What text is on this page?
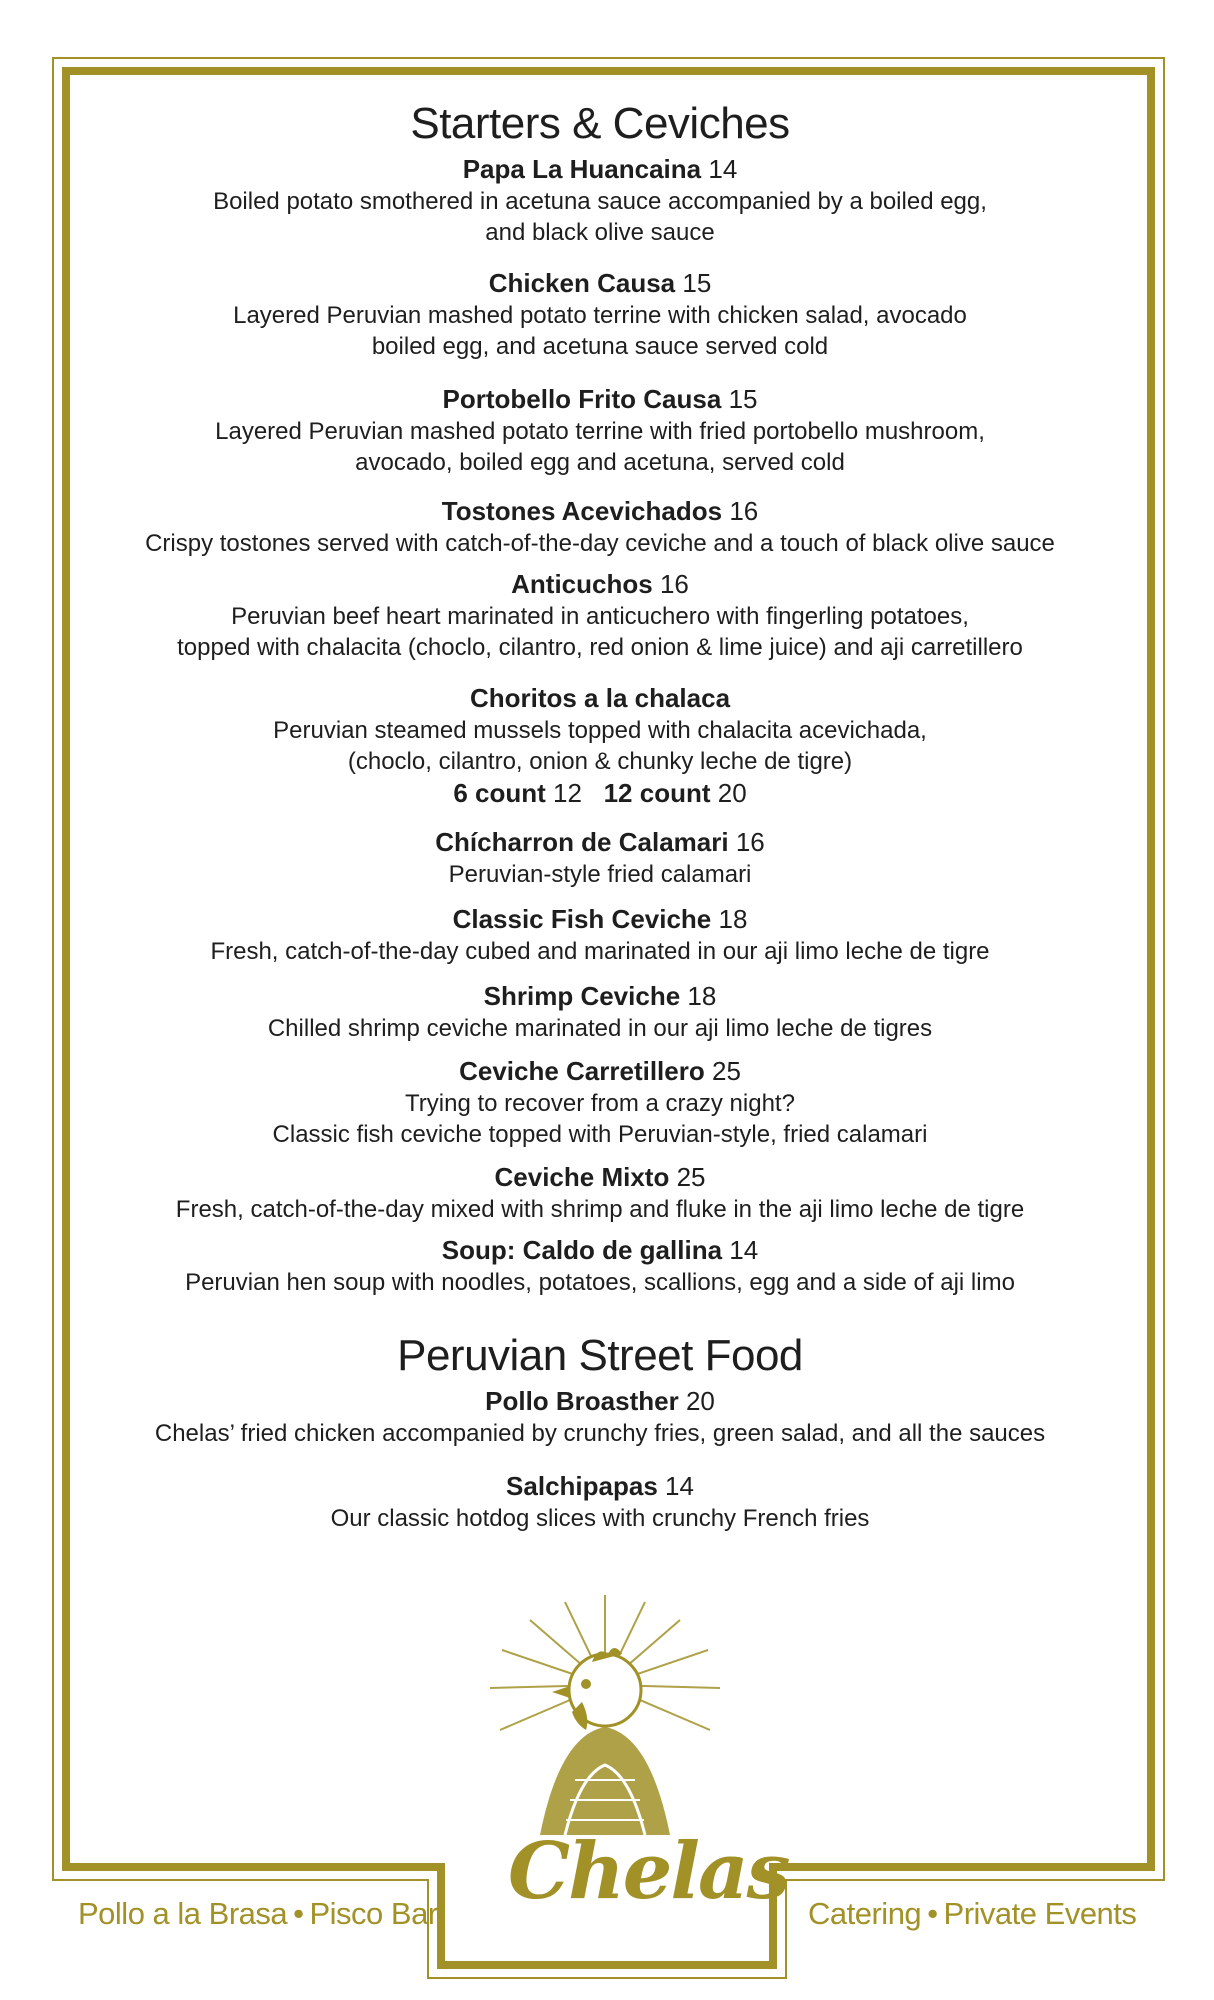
Starters & Ceviches
Papa La Huancaina 14
Boiled potato smothered in acetuna sauce accompanied by a boiled egg,
and black olive sauce
Chicken Causa 15
Layered Peruvian mashed potato terrine with chicken salad, avocado
boiled egg, and acetuna sauce served cold
Portobello Frito Causa 15
Layered Peruvian mashed potato terrine with fried portobello mushroom,
avocado, boiled egg and acetuna, served cold
Tostones Acevichados 16
Crispy tostones served with catch-of-the-day ceviche and a touch of black olive sauce
Anticuchos 16
Peruvian beef heart marinated in anticuchero with fingerling potatoes,
topped with chalacita (choclo, cilantro, red onion & lime juice) and aji carretillero
Choritos a la chalaca
Peruvian steamed mussels topped with chalacita acevichada,
(choclo, cilantro, onion & chunky leche de tigre)
6 count 12 12 count 20
Chícharron de Calamari 16
Peruvian-style fried calamari
Classic Fish Ceviche 18
Fresh, catch-of-the-day cubed and marinated in our aji limo leche de tigre
Shrimp Ceviche 18
Chilled shrimp ceviche marinated in our aji limo leche de tigres
Ceviche Carretillero 25
Trying to recover from a crazy night?
Classic fish ceviche topped with Peruvian-style, fried calamari
Ceviche Mixto 25
Fresh, catch-of-the-day mixed with shrimp and fluke in the aji limo leche de tigre
Soup: Caldo de gallina 14
Peruvian hen soup with noodles, potatoes, scallions, egg and a side of aji limo
Peruvian Street Food
Pollo Broasther 20
Chelas’ fried chicken accompanied by crunchy fries, green salad, and all the sauces
Salchipapas 14
Our classic hotdog slices with crunchy French fries
Chelas
Pollo a la Brasa • Pisco Bar	Catering • Private Events
